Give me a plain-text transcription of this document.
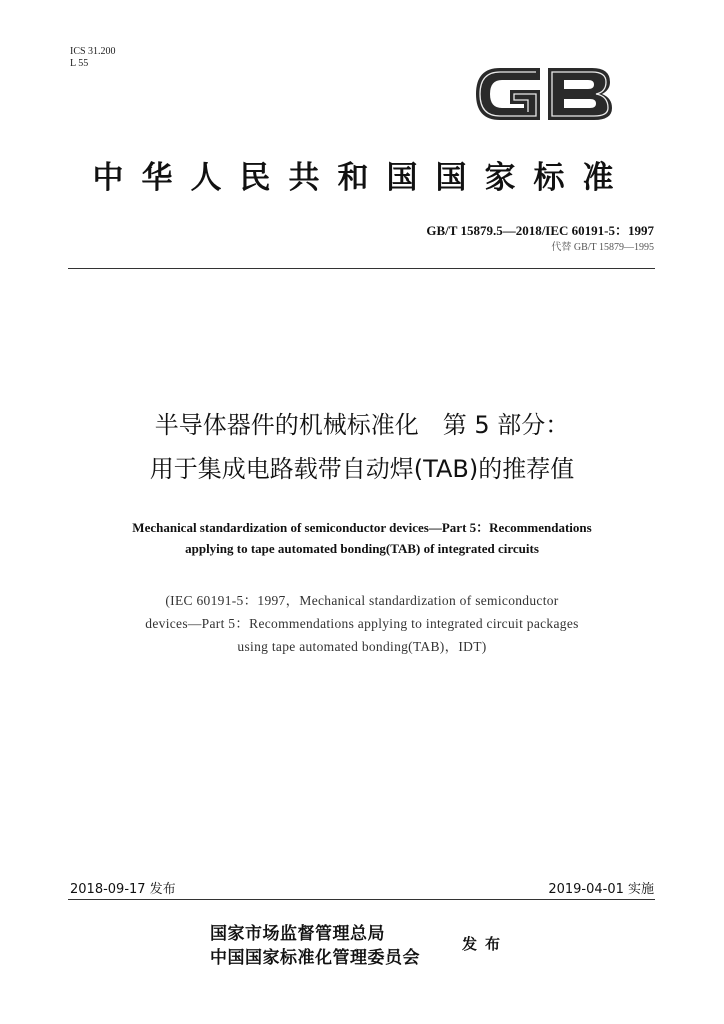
ICS 31.200
L 55
中华人民共和国国家标准
GB/T 15879.5—2018/IEC 60191-5：1997
代替 GB/T 15879—1995
半导体器件的机械标准化　第 5 部分：
用于集成电路载带自动焊(TAB)的推荐值
Mechanical standardization of semiconductor devices—Part 5：Recommendations
applying to tape automated bonding(TAB) of integrated circuits
(IEC 60191-5：1997，Mechanical standardization of semiconductor
devices—Part 5：Recommendations applying to integrated circuit packages
using tape automated bonding(TAB)，IDT)
2018-09-17 发布	2019-04-01 实施
国家市场监督管理总局
中国国家标准化管理委员会
发布
